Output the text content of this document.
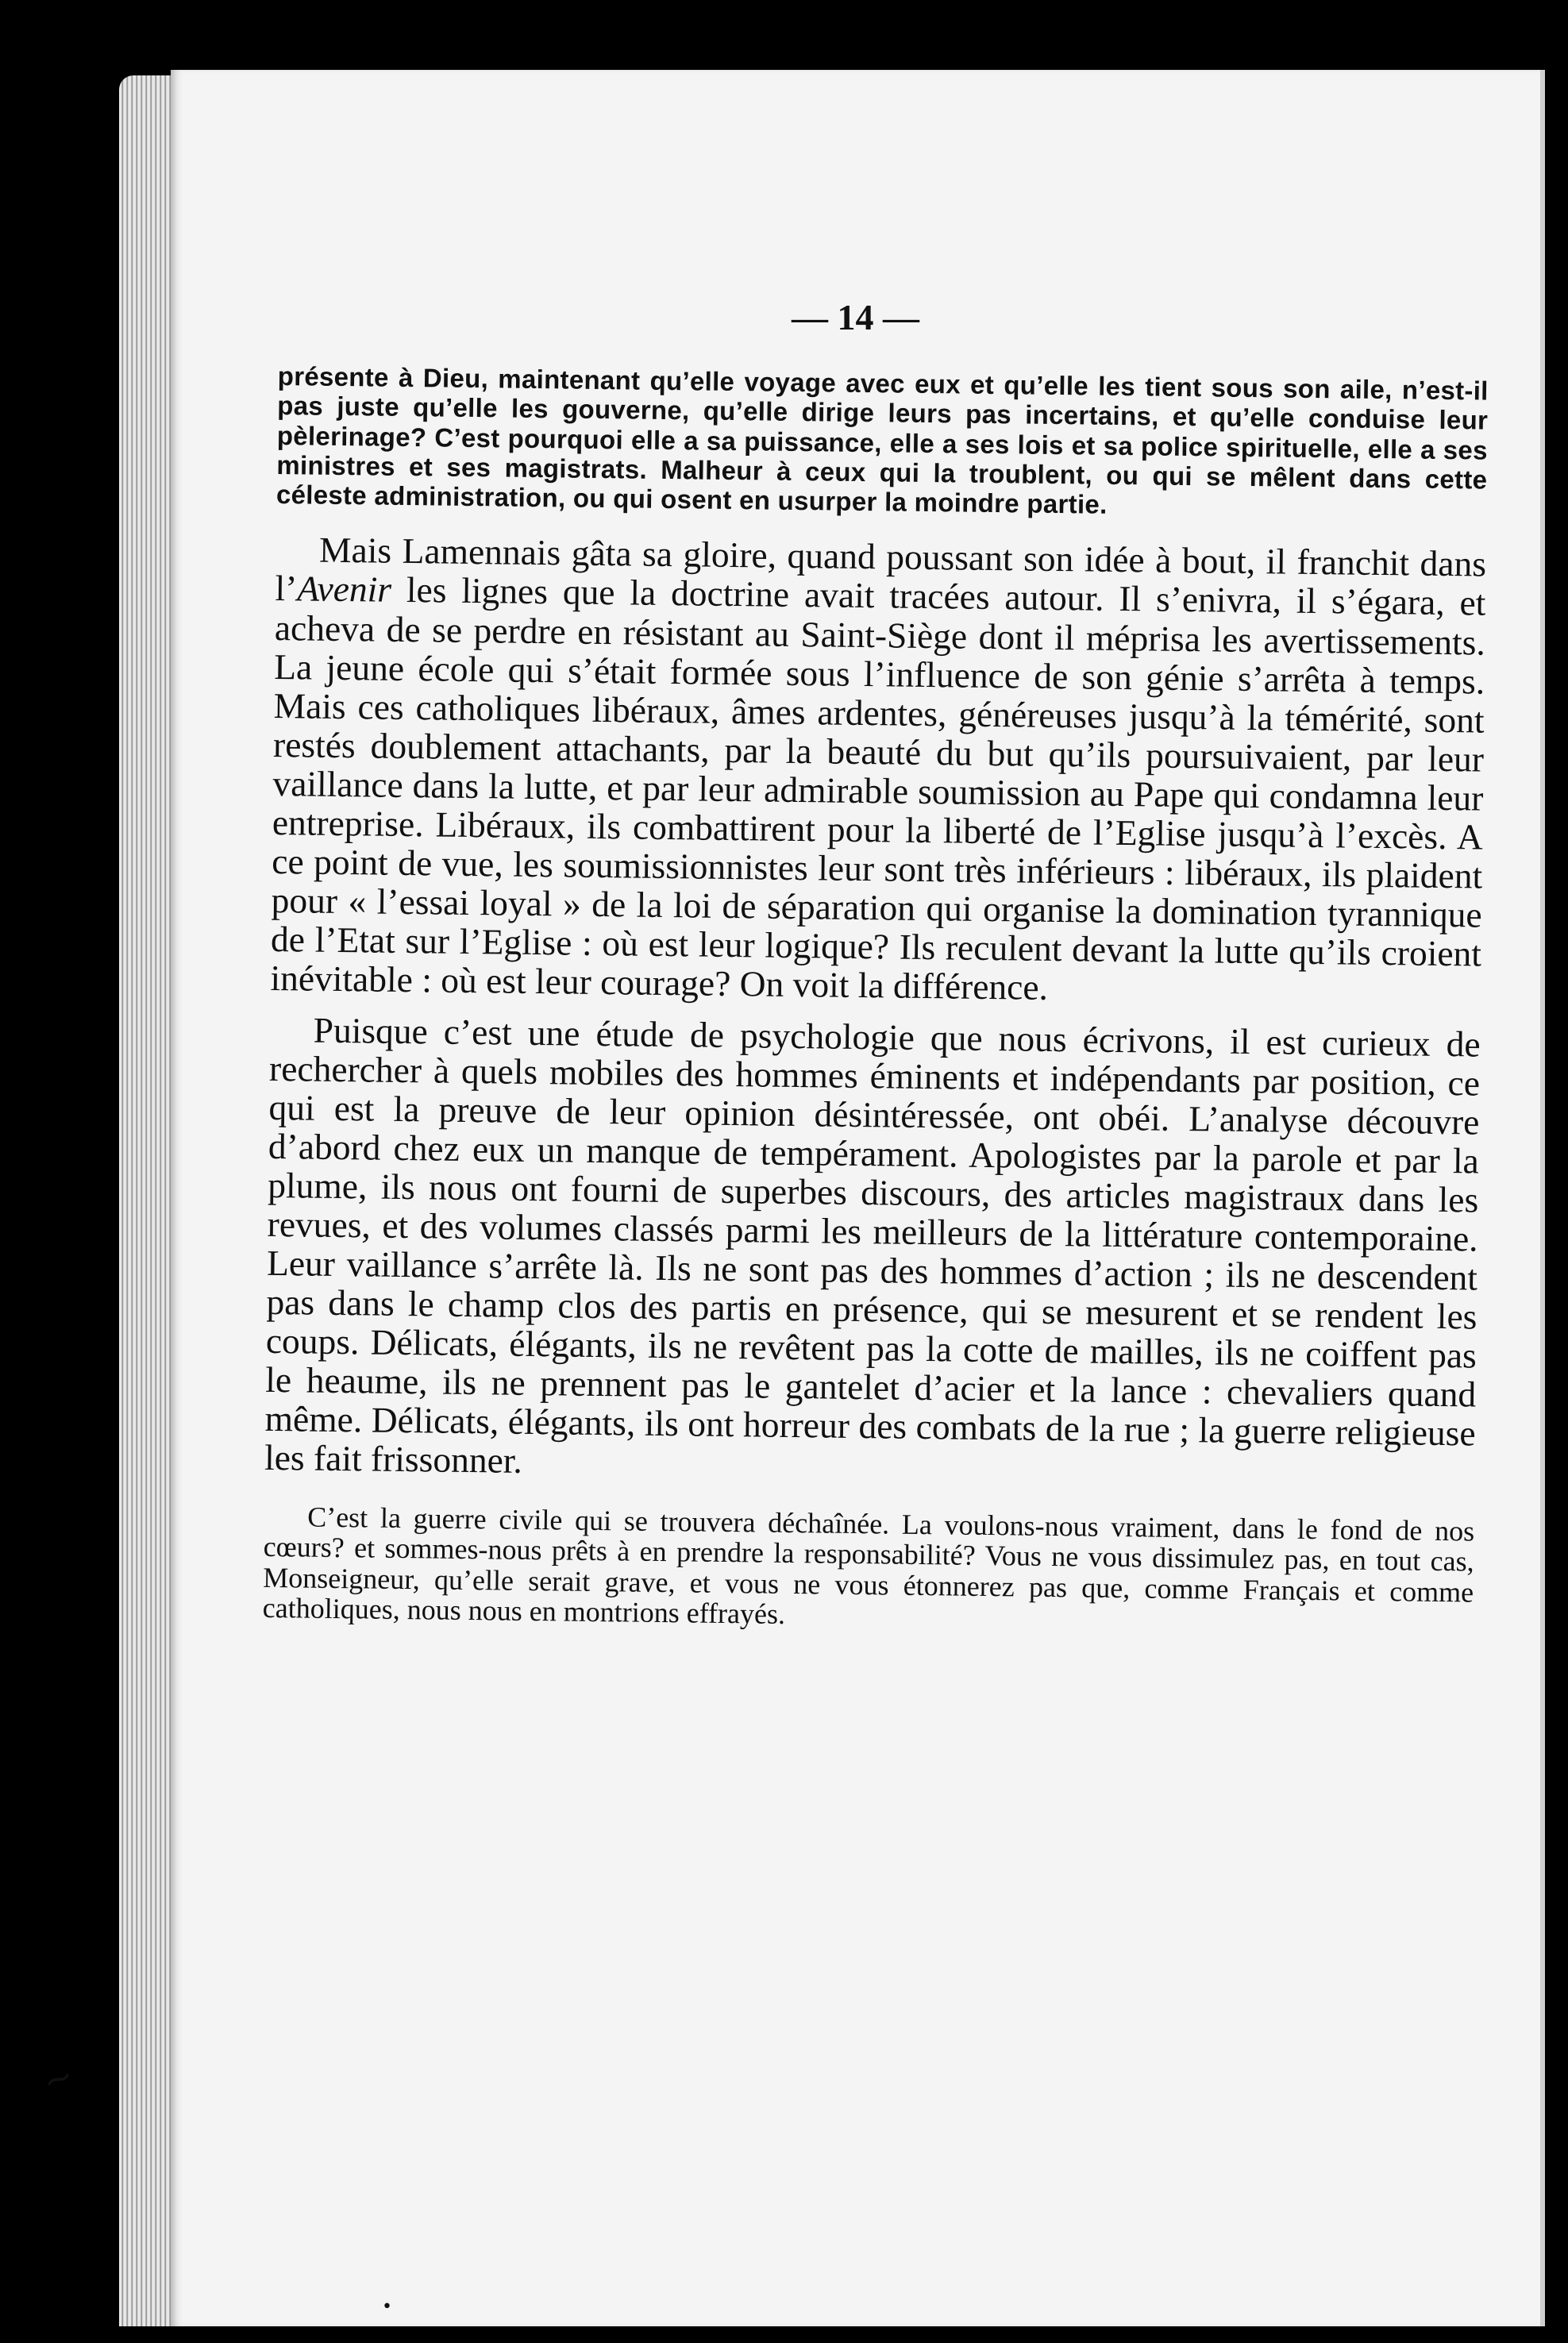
— 14 —
~
•

présente à Dieu, maintenant qu’elle voyage avec eux et qu’elle les tient sous son aile, n’est-il pas juste qu’elle les gouverne, qu’elle dirige leurs pas incertains, et qu’elle conduise leur pèlerinage? C’est pourquoi elle a sa puissance, elle a ses lois et sa police spirituelle, elle a ses ministres et ses magistrats. Malheur à ceux qui la troublent, ou qui se mêlent dans cette céleste administration, ou qui osent en usurper la moindre partie.

Mais Lamennais gâta sa gloire, quand poussant son idée à bout, il franchit dans l’Avenir les lignes que la doctrine avait tracées autour. Il s’enivra, il s’égara, et acheva de se perdre en résistant au Saint-Siège dont il méprisa les avertissements. La jeune école qui s’était formée sous l’influence de son génie s’arrêta à temps. Mais ces catholiques libéraux, âmes ardentes, généreuses jusqu’à la témérité, sont restés doublement attachants, par la beauté du but qu’ils poursuivaient, par leur vaillance dans la lutte, et par leur admirable soumission au Pape qui condamna leur entreprise. Libéraux, ils combattirent pour la liberté de l’Eglise jusqu’à l’excès. A ce point de vue, les soumissionnistes leur sont très inférieurs : libéraux, ils plaident pour « l’essai loyal » de la loi de séparation qui organise la domination tyrannique de l’Etat sur l’Eglise : où est leur logique? Ils reculent devant la lutte qu’ils croient inévitable : où est leur courage? On voit la différence.

Puisque c’est une étude de psychologie que nous écrivons, il est curieux de rechercher à quels mobiles des hommes éminents et indépendants par position, ce qui est la preuve de leur opinion désintéressée, ont obéi. L’analyse découvre d’abord chez eux un manque de tempérament. Apologistes par la parole et par la plume, ils nous ont fourni de superbes discours, des articles magistraux dans les revues, et des volumes classés parmi les meilleurs de la littérature contemporaine. Leur vaillance s’arrête là. Ils ne sont pas des hommes d’action ; ils ne descendent pas dans le champ clos des partis en présence, qui se mesurent et se rendent les coups. Délicats, élégants, ils ne revêtent pas la cotte de mailles, ils ne coiffent pas le heaume, ils ne prennent pas le gantelet d’acier et la lance : chevaliers quand même. Délicats, élégants, ils ont horreur des combats de la rue ; la guerre religieuse les fait frissonner.

C’est la guerre civile qui se trouvera déchaînée. La voulons-nous vraiment, dans le fond de nos cœurs? et sommes-nous prêts à en prendre la responsabilité? Vous ne vous dissimulez pas, en tout cas, Monseigneur, qu’elle serait grave, et vous ne vous étonnerez pas que, comme Français et comme catholiques, nous nous en montrions effrayés.
